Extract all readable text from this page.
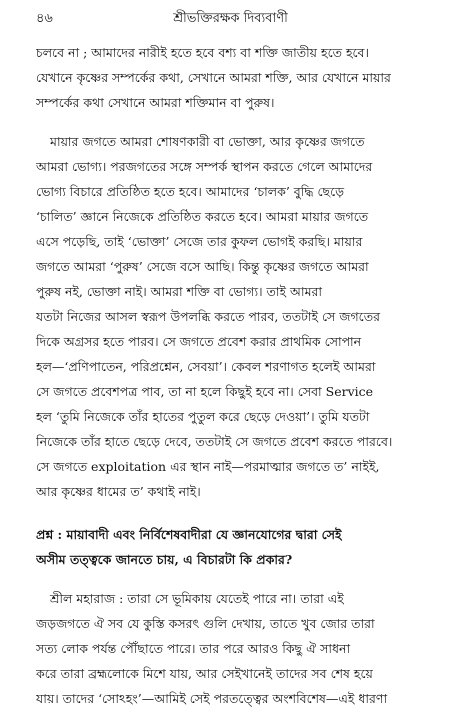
৪৬	শ্রীভক্তিরক্ষক দিব্যবাণী
চলবে না ; আমাদের নারীই হতে হবে বশ্য বা শক্তি জাতীয় হতে হবে।
যেখানে কৃষ্ণের সম্পর্কের কথা, সেখানে আমরা শক্তি, আর যেখানে মায়ার
সম্পর্কের কথা সেখানে আমরা শক্তিমান বা পুরুষ।
মায়ার জগতে আমরা শোষণকারী বা ভোক্তা, আর কৃষ্ণের জগতে
আমরা ভোগ্য। পরজগতের সঙ্গে সম্পর্ক স্থাপন করতে গেলে আমাদের
ভোগ্য বিচারে প্রতিষ্ঠিত হতে হবে। আমাদের ‘চালক’ বুদ্ধি ছেড়ে
‘চালিত’ জ্ঞানে নিজেকে প্রতিষ্ঠিত করতে হবে। আমরা মায়ার জগতে
এসে পড়েছি, তাই ‘ভোক্তা’ সেজে তার কুফল ভোগই করছি। মায়ার
জগতে আমরা ‘পুরুষ’ সেজে বসে আছি। কিন্তু কৃষ্ণের জগতে আমরা
পুরুষ নই, ভোক্তা নাই। আমরা শক্তি বা ভোগ্য। তাই আমরা
যতটা নিজের আসল স্বরূপ উপলব্ধি করতে পারব, ততটাই সে জগতের
দিকে অগ্রসর হতে পারব। সে জগতে প্রবেশ করার প্রাথমিক সোপান
হল—‘প্রণিপাতেন, পরিপ্রশ্নেন, সেবয়া’। কেবল শরণাগত হলেই আমরা
সে জগতে প্রবেশপত্র পাব, তা না হলে কিছুই হবে না। সেবা Service
হল ‘তুমি নিজেকে তাঁর হাতের পুতুল করে ছেড়ে দেওয়া’। তুমি যতটা
নিজেকে তাঁর হাতে ছেড়ে দেবে, ততটাই সে জগতে প্রবেশ করতে পারবে।
সে জগতে exploitation এর স্থান নাই—পরমাত্মার জগতে ত’ নাইই,
আর কৃষ্ণের ধামের ত’ কথাই নাই।
প্রশ্ন : মায়াবাদী এবং নির্বিশেষবাদীরা যে জ্ঞানযোগের দ্বারা সেই
অসীম তত্ত্বকে জানতে চায়, এ বিচারটা কি প্রকার?
শ্রীল মহারাজ : তারা সে ভূমিকায় যেতেই পারে না। তারা এই
জড়জগতে ঐ সব যে কুস্তি কসরৎ গুলি দেখায়, তাতে খুব জোর তারা
সত্য লোক পর্যন্ত পৌঁছাতে পারে। তার পরে আরও কিছু ঐ সাধনা
করে তারা ব্রহ্মলোকে মিশে যায়, আর সেইখানেই তাদের সব শেষ হয়ে
যায়। তাদের ‘সোঽহং’—আমিই সেই পরতত্ত্বের অংশবিশেষ—এই ধারণা
